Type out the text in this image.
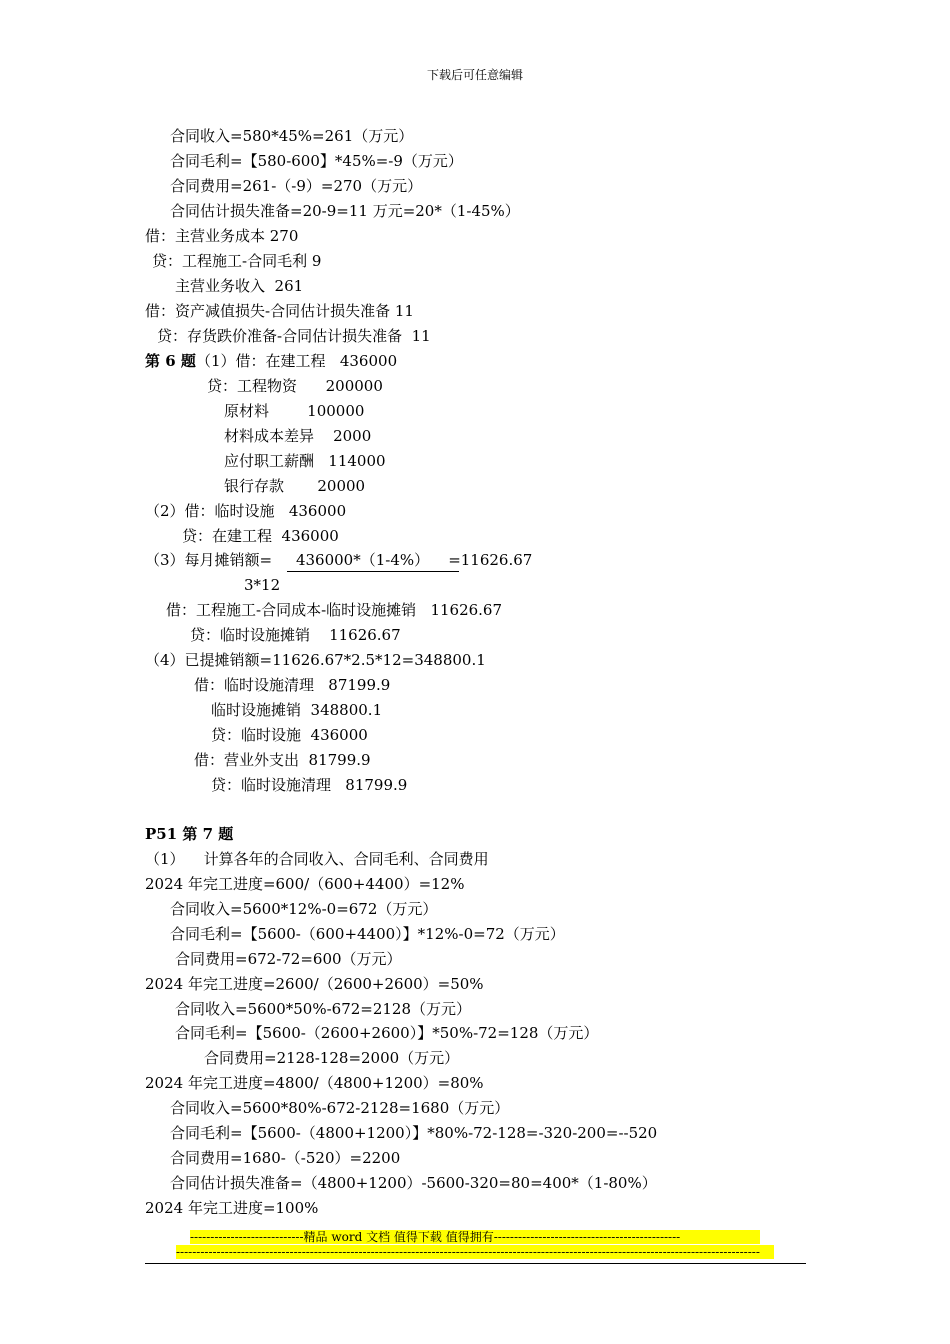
下载后可任意编辑
合同收入=580*45%=261（万元）
合同毛利=【580-600】*45%=-9（万元）
合同费用=261-（-9）=270（万元）
合同估计损失准备=20-9=11 万元=20*（1-45%）
借：主营业务成本 270
贷：工程施工-合同毛利 9
主营业务收入  261
借：资产减值损失-合同估计损失准备 11
贷：存货跌价准备-合同估计损失准备  11
第 6 题 （1）借：在建工程   436000
贷：工程物资      200000
原材料        100000
材料成本差异    2000
应付职工薪酬   114000
银行存款       20000
（2）借：临时设施   436000
贷：在建工程  436000
（3）每月摊销额=     436000*（1-4%）    =11626.67
3*12
借：工程施工-合同成本-临时设施摊销   11626.67
贷：临时设施摊销    11626.67
（4）已提摊销额=11626.67*2.5*12=348800.1
借：临时设施清理   87199.9
临时设施摊销  348800.1
贷：临时设施  436000
借：营业外支出  81799.9
贷：临时设施清理   81799.9
P51 第 7 题
（1）    计算各年的合同收入、合同毛利、合同费用
2024 年完工进度=600/（600+4400）=12%
合同收入=5600*12%-0=672（万元）
合同毛利=【5600-（600+4400）】*12%-0=72（万元）
合同费用=672-72=600（万元）
2024 年完工进度=2600/（2600+2600）=50%
合同收入=5600*50%-672=2128（万元）
合同毛利=【5600-（2600+2600）】*50%-72=128（万元）
合同费用=2128-128=2000（万元）
2024 年完工进度=4800/（4800+1200）=80%
合同收入=5600*80%-672-2128=1680（万元）
合同毛利=【5600-（4800+1200）】*80%-72-128=-320-200=--520
合同费用=1680-（-520）=2200
合同估计损失准备=（4800+1200）-5600-320=80=400*（1-80%）
2024 年完工进度=100%
----------------------------精品 word 文档 值得下载 值得拥有----------------------------------------------
------------------------------------------------------------------------------------------------------------------------------------------------
